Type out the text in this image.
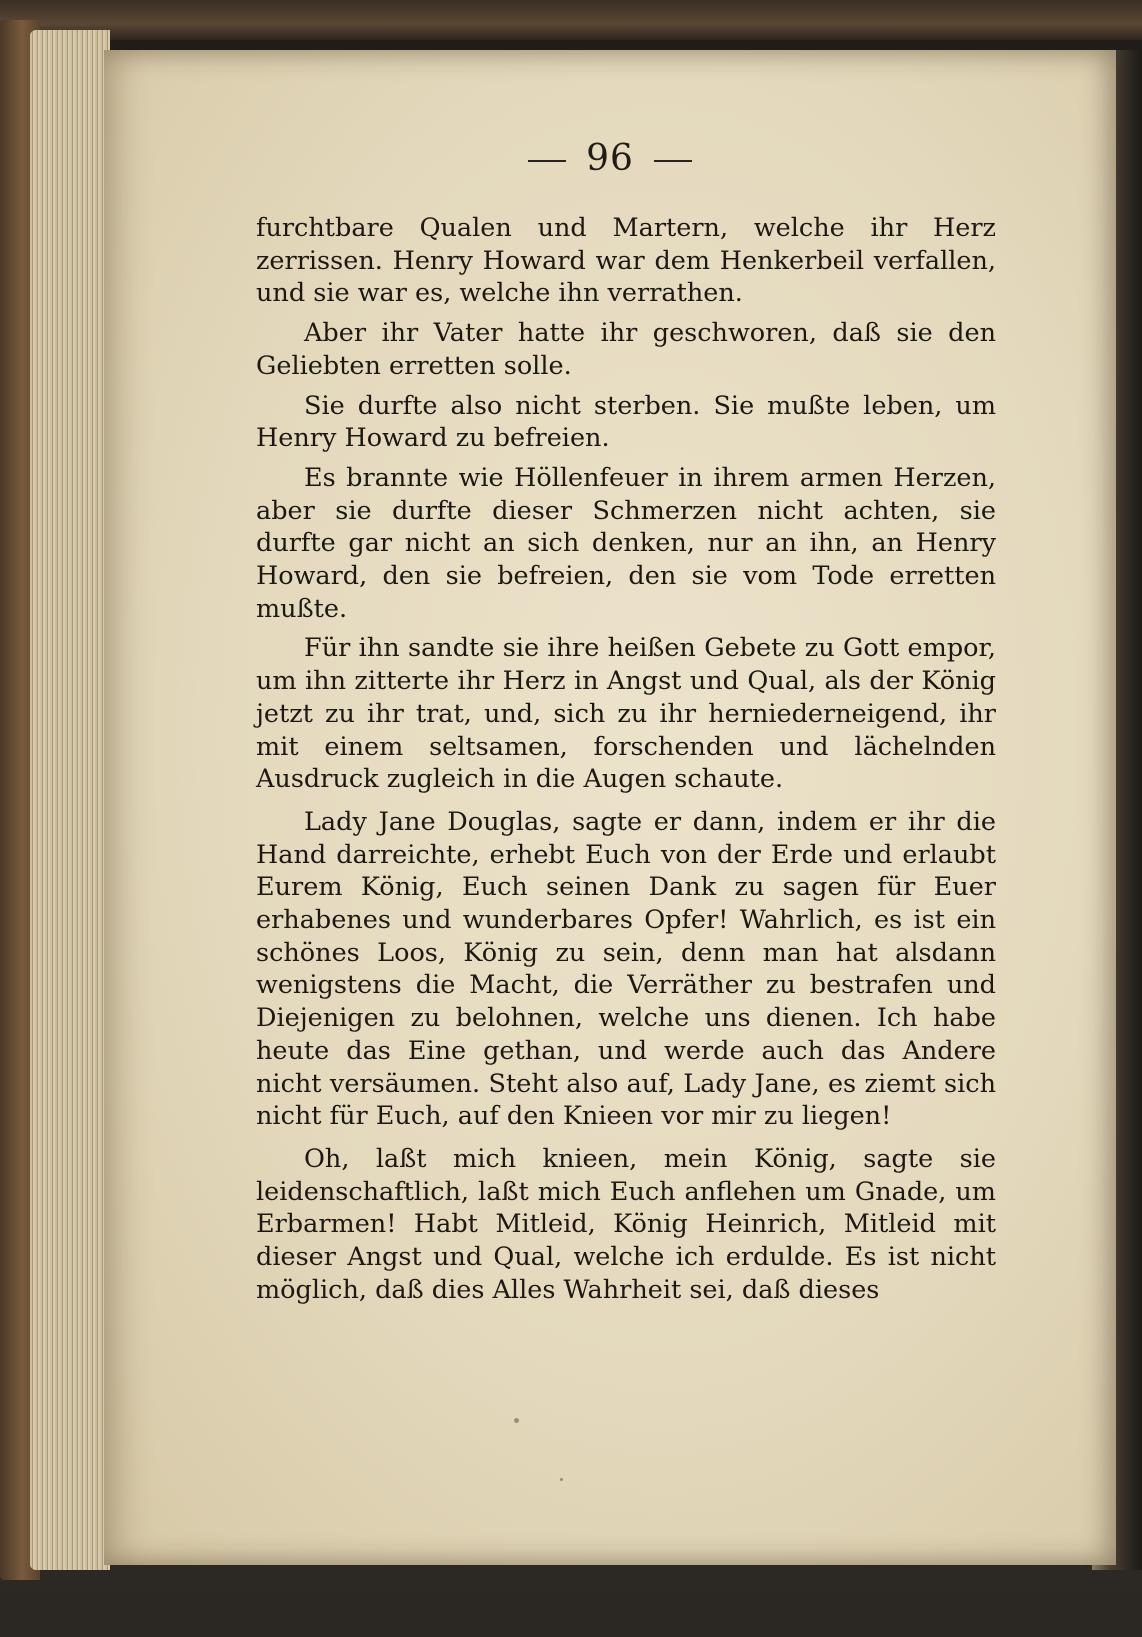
96

furchtbare Qualen und Martern, welche ihr Herz zerrissen. Henry Howard war dem Henkerbeil verfallen, und sie war es, welche ihn verrathen.

Aber ihr Vater hatte ihr geschworen, daß sie den Geliebten erretten solle.

Sie durfte also nicht sterben. Sie mußte leben, um Henry Howard zu befreien.

Es brannte wie Höllenfeuer in ihrem armen Herzen, aber sie durfte dieser Schmerzen nicht achten, sie durfte gar nicht an sich denken, nur an ihn, an Henry Howard, den sie befreien, den sie vom Tode erretten mußte.

Für ihn sandte sie ihre heißen Gebete zu Gott empor, um ihn zitterte ihr Herz in Angst und Qual, als der König jetzt zu ihr trat, und, sich zu ihr herniederneigend, ihr mit einem seltsamen, forschenden und lächelnden Ausdruck zugleich in die Augen schaute.

Lady Jane Douglas, sagte er dann, indem er ihr die Hand darreichte, erhebt Euch von der Erde und erlaubt Eurem König, Euch seinen Dank zu sagen für Euer erhabenes und wunderbares Opfer! Wahrlich, es ist ein schönes Loos, König zu sein, denn man hat alsdann wenigstens die Macht, die Verräther zu bestrafen und Diejenigen zu belohnen, welche uns dienen. Ich habe heute das Eine gethan, und werde auch das Andere nicht versäumen. Steht also auf, Lady Jane, es ziemt sich nicht für Euch, auf den Knieen vor mir zu liegen!

Oh, laßt mich knieen, mein König, sagte sie leidenschaftlich, laßt mich Euch anflehen um Gnade, um Erbarmen! Habt Mitleid, König Heinrich, Mitleid mit dieser Angst und Qual, welche ich erdulde. Es ist nicht möglich, daß dies Alles Wahrheit sei, daß dieses
